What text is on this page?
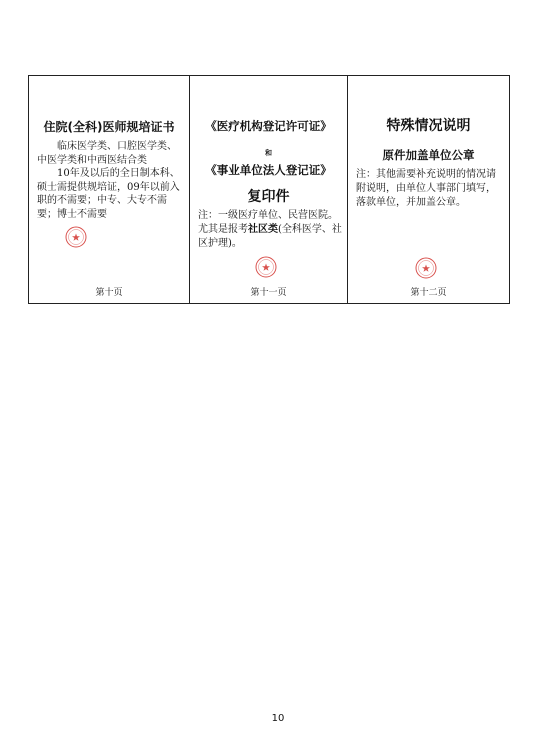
住院(全科)医师规培证书

临床医学类、口腔医学类、中医学类和中西医结合类

10年及以后的全日制本科、硕士需提供规培证，09年以前入职的不需要；中专、大专不需要；博士不需要

第十页
《医疗机构登记许可证》
和
《事业单位法人登记证》
复印件
注：一级医疗单位、民营医院。尤其是报考社区类(全科医学、社区护理)。
第十一页
特殊情况说明
原件加盖单位公章
注：其他需要补充说明的情况请附说明，由单位人事部门填写，落款单位，并加盖公章。
第十二页
10
